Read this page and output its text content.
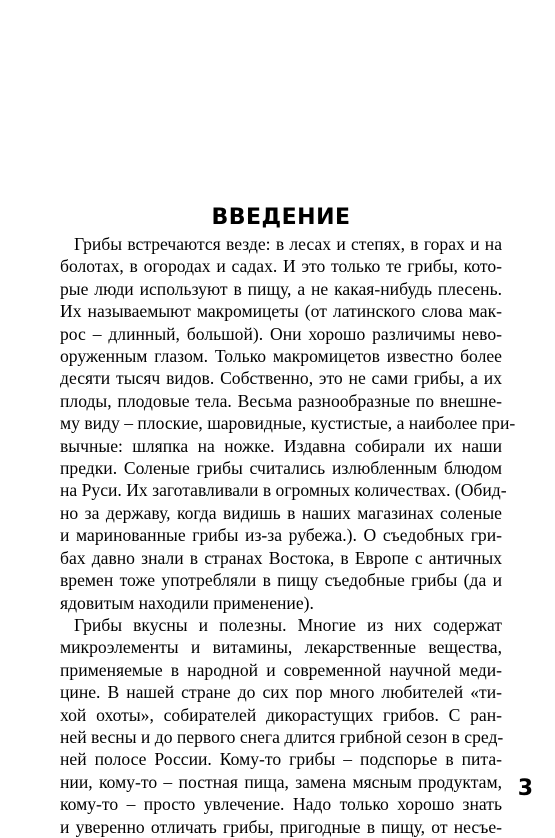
ВВЕДЕНИЕ

Грибы встречаются везде: в лесах и степях, в горах и на
болотах, в огородах и садах. И это только те грибы, кото-
рые люди используют в пищу, а не какая-нибудь плесень.
Их называемыют макромицеты (от латинского слова мак-
рос – длинный, большой). Они хорошо различимы нево-
оруженным глазом. Только макромицетов известно более
десяти тысяч видов. Собственно, это не сами грибы, а их
плоды, плодовые тела. Весьма разнообразные по внешне-
му виду – плоские, шаровидные, кустистые, а наиболее при-
вычные: шляпка на ножке. Издавна собирали их наши
предки. Соленые грибы считались излюбленным блюдом
на Руси. Их заготавливали в огромных количествах. (Обид-
но за державу, когда видишь в наших магазинах соленые
и маринованные грибы из-за рубежа.). О съедобных гри-
бах давно знали в странах Востока, в Европе с античных
времен тоже употребляли в пищу съедобные грибы (да и
ядовитым находили применение).

Грибы вкусны и полезны. Многие из них содержат
микроэлементы и витамины, лекарственные вещества,
применяемые в народной и современной научной меди-
цине. В нашей стране до сих пор много любителей «ти-
хой охоты», собирателей дикорастущих грибов. С ран-
ней весны и до первого снега длится грибной сезон в сред-
ней полосе России. Кому-то грибы – подспорье в пита-
нии, кому-то – постная пища, замена мясным продуктам,
кому-то – просто увлечение. Надо только хорошо знать
и уверенно отличать грибы, пригодные в пищу, от несъе-

3
